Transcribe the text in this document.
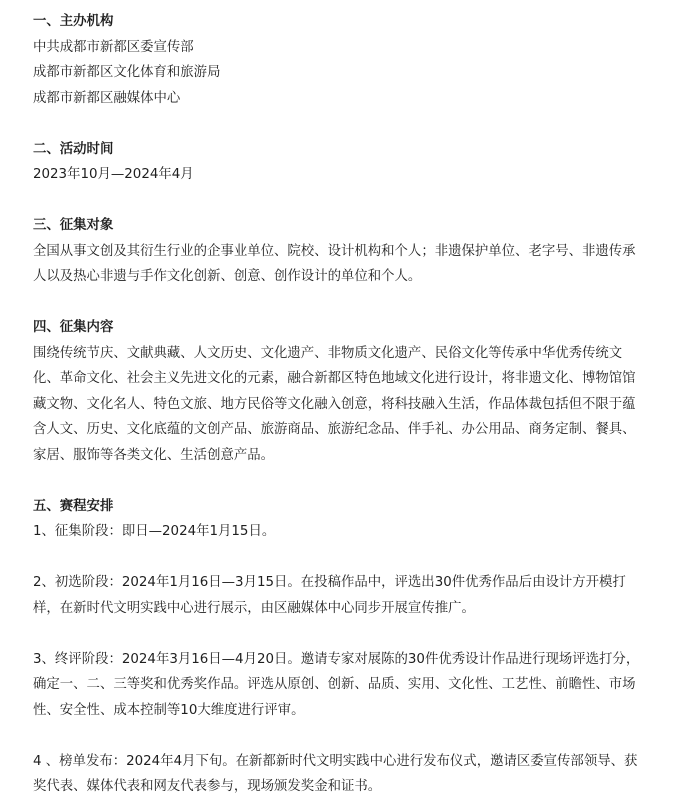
一、主办机构
中共成都市新都区委宣传部
成都市新都区文化体育和旅游局
成都市新都区融媒体中心
二、活动时间
2023年10月—2024年4月
三、征集对象
全国从事文创及其衍生行业的企事业单位、院校、设计机构和个人；非遗保护单位、老字号、非遗传承
人以及热心非遗与手作文化创新、创意、创作设计的单位和个人。
四、征集内容
围绕传统节庆、文献典藏、人文历史、文化遗产、非物质文化遗产、民俗文化等传承中华优秀传统文
化、革命文化、社会主义先进文化的元素，融合新都区特色地域文化进行设计，将非遗文化、博物馆馆
藏文物、文化名人、特色文旅、地方民俗等文化融入创意，将科技融入生活，作品体裁包括但不限于蕴
含人文、历史、文化底蕴的文创产品、旅游商品、旅游纪念品、伴手礼、办公用品、商务定制、餐具、
家居、服饰等各类文化、生活创意产品。
五、赛程安排
1、征集阶段：即日—2024年1月15日。
2、初选阶段：2024年1月16日—3月15日。在投稿作品中，评选出30件优秀作品后由设计方开模打
样，在新时代文明实践中心进行展示，由区融媒体中心同步开展宣传推广。
3、终评阶段：2024年3月16日—4月20日。邀请专家对展陈的30件优秀设计作品进行现场评选打分，
确定一、二、三等奖和优秀奖作品。评选从原创、创新、品质、实用、文化性、工艺性、前瞻性、市场
性、安全性、成本控制等10大维度进行评审。
4 、榜单发布：2024年4月下旬。在新都新时代文明实践中心进行发布仪式，邀请区委宣传部领导、获
奖代表、媒体代表和网友代表参与，现场颁发奖金和证书。
